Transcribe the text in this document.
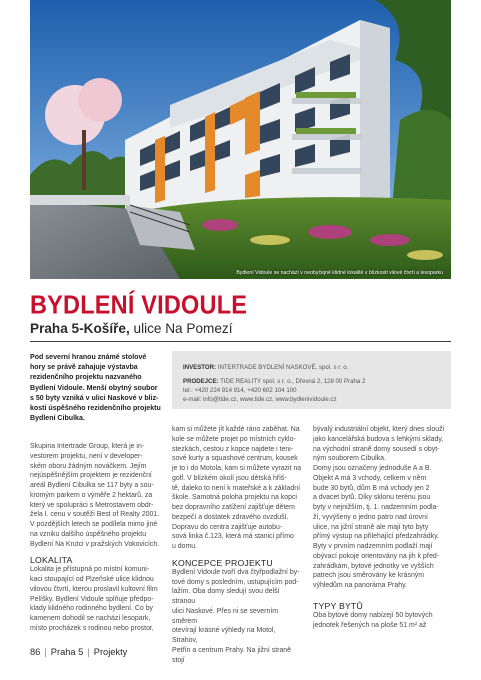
Bydlení Vidoule se nachází v neobyčejně klidné lokalitě v blízkosti vilové čtvrti a lesoparku
BYDLENÍ VIDOULE
Praha 5-Košíře, ulice Na Pomezí
Pod severní hranou známé stolové
hory se právě zahajuje výstavba
rezidenčního projektu nazvaného
Bydlení Vidoule. Menší obytný soubor
s 50 byty vzniká v ulici Naskové v bliz-
kosti úspěšného rezidenčního projektu
Bydlení Cibulka.
INVESTOR: INTERTRADE BYDLENÍ NASKOVÉ, spol. s r. o.
PRODEJCE: TIDE REALITY spol. s r. o., Dřevná 2, 128 00 Praha 2
tel.: +420 224 914 914, +420 602 104 100
e-mail: info@tide.cz, www.tide.cz, www.bydlenividoule.cz

Skupina Intertrade Group, která je in-
vestorem projektu, není v developer-
ském oboru žádným nováčkem. Jejím
nejúspěšnějším projektem je rezidenční
areál Bydlení Cibulka se 117 byty a sou-
kromým parkem o výměře 2 hektarů, za
který ve spolupráci s Metrostavem obdr-
žela I. cenu v soutěži Best of Realty 2001.
V pozdějších letech se podílela mimo jiné
na vzniku dalšího úspěšného projektu
Bydlení Na Krutci v pražských Vokovicích.

LOKALITA

Lokalita je přístupná po místní komuni-
kaci stoupající od Plzeňské ulice klidnou
vilovou čtvrtí, kterou proslavil kultovní film
Pelíšky. Bydlení Vidoule splňuje předpo-
klady klidného rodinného bydlení. Co by
kamenem dohodil se nachází lesopark,
místo procházek s rodinou nebo prostor,

kam si můžete jít každé ráno zaběhat. Na
kole se můžete projet po místních cyklo-
stezkách, cestou z kopce najdete i teni-
sové kurty a squashové centrum, kousek
je to i do Motola, kam si můžete vyrazit na
golf. V blízkém okolí jsou dětská hřiš-
tě, daleko to není k mateřské a k základní
škole. Samotná poloha projektu na kopci
bez dopravního zatížení zajišťuje dětem
bezpečí a dostatek zdravého ovzduší.
Dopravu do centra zajišťuje autobu-
sová linka č.123, která má stanici přímo
u domu.

KONCEPCE PROJEKTU

Bydlení Vidoule tvoří dva čtyřpodlažní by-
tové domy s posledním, ustupujícím pod-
lažím. Oba domy sledují svou delší stranou
ulici Naskové. Přes ni se severním směrem
otevírají krásné výhledy na Motol, Strahov,
Petřín a centrum Prahy. Na jižní straně stojí

bývalý industriální objekt, který dnes slouží
jako kancelářská budova s lehkými sklady,
na východní straně domy sousedí s obyt-
ným souborem Cibulka.
Domy jsou označeny jednoduše A a B.
Objekt A má 3 vchody, celkem v něm
bude 30 bytů, dům B má vchody jen 2
a dvacet bytů. Díky sklonu terénu jsou
byty v nejnižším, tj. 1. nadzemním podla-
ží, vyvýšeny o jedno patro nad úrovní
ulice, na jižní straně ale mají tyto byty
přímý výstup na přilehající předzahrádky.
Byty v prvním nadzemním podlaží mají
obývací pokoje orientovány na jih k před-
zahrádkám, bytové jednotky ve vyšších
patrech jsou směrovány ke krásným
výhledům na panoráma Prahy.

TYPY BYTŮ

Oba bytové domy nabízejí 50 bytových
jednotek řešených na ploše 51 m² až

86 | Praha 5 | Projekty
